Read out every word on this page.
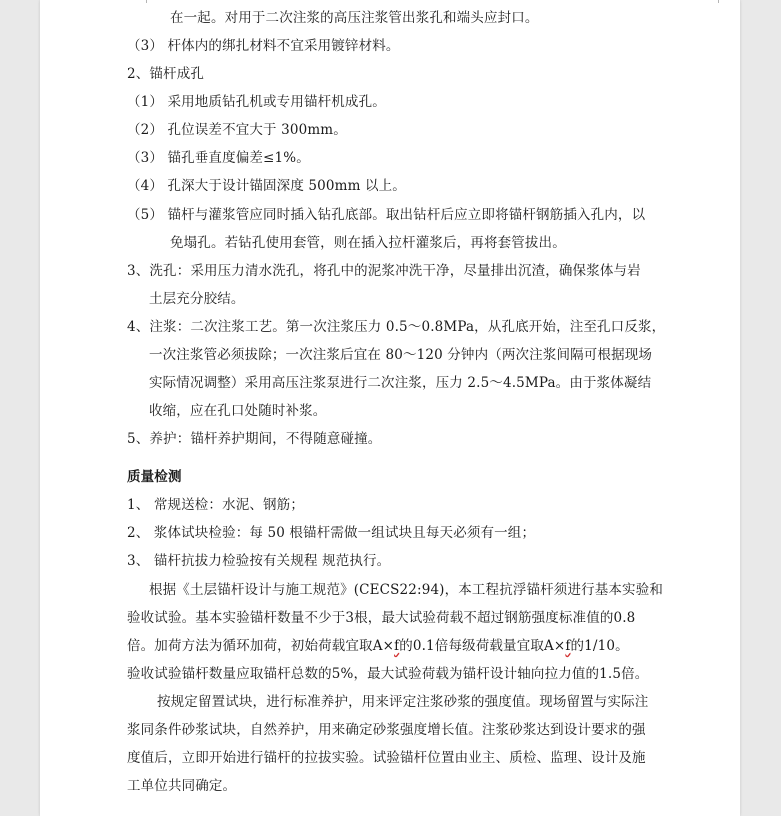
倍。加荷方法为循环加荷，初始荷载宜取A×f的0.1倍每级荷载量宜取A×f的1/10。
在一起。对用于二次注浆的高压注浆管出浆孔和端头应封口。
（3） 杆体内的绑扎材料不宜采用镀锌材料。
2、锚杆成孔
（1） 采用地质钻孔机或专用锚杆机成孔。
（2） 孔位误差不宜大于 300mm。
（3） 锚孔垂直度偏差≤1%。
（4） 孔深大于设计锚固深度 500mm 以上。
（5） 锚杆与灌浆管应同时插入钻孔底部。取出钻杆后应立即将锚杆钢筋插入孔内，以
免塌孔。若钻孔使用套管，则在插入拉杆灌浆后，再将套管拔出。
3、洗孔：采用压力清水洗孔，将孔中的泥浆冲洗干净，尽量排出沉渣，确保浆体与岩
土层充分胶结。
4、注浆：二次注浆工艺。第一次注浆压力 0.5～0.8MPa，从孔底开始，注至孔口反浆，
一次注浆管必须拔除；一次注浆后宜在 80～120 分钟内（两次注浆间隔可根据现场
实际情况调整）采用高压注浆泵进行二次注浆，压力 2.5～4.5MPa。由于浆体凝结
收缩，应在孔口处随时补浆。
5、养护：锚杆养护期间，不得随意碰撞。
质量检测
1、 常规送检：水泥、钢筋；
2、 浆体试块检验：每 50 根锚杆需做一组试块且每天必须有一组；
3、 锚杆抗拔力检验按有关规程 规范执行。
根据《土层锚杆设计与施工规范》(CECS22:94)，本工程抗浮锚杆须进行基本实验和
验收试验。基本实验锚杆数量不少于3根，最大试验荷载不超过钢筋强度标准值的0.8
验收试验锚杆数量应取锚杆总数的5%，最大试验荷载为锚杆设计轴向拉力值的1.5倍。
按规定留置试块，进行标准养护，用来评定注浆砂浆的强度值。现场留置与实际注
浆同条件砂浆试块，自然养护，用来确定砂浆强度增长值。注浆砂浆达到设计要求的强
度值后，立即开始进行锚杆的拉拔实验。试验锚杆位置由业主、质检、监理、设计及施
工单位共同确定。
